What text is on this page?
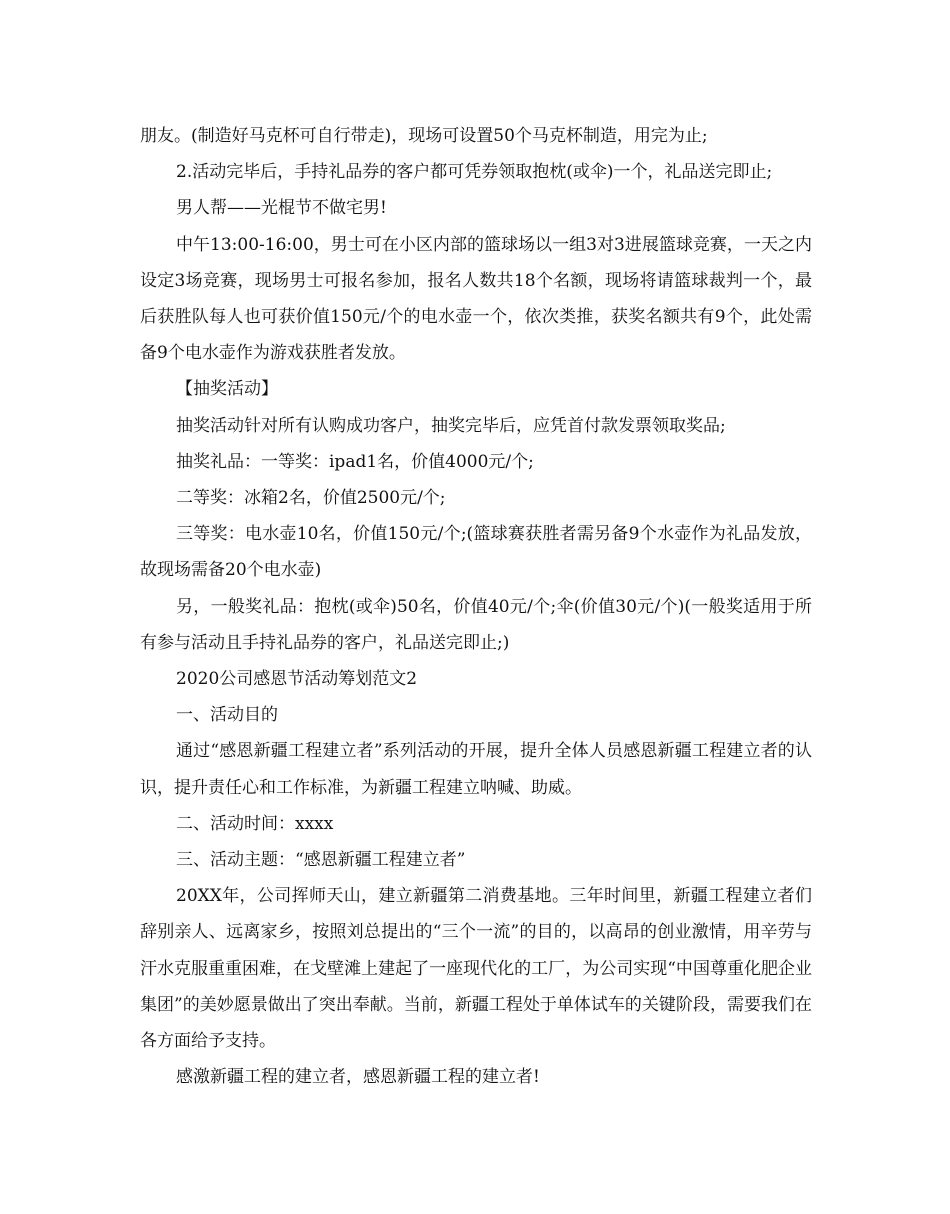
朋友。(制造好马克杯可自行带走)，现场可设置50个马克杯制造，用完为止;

2.活动完毕后，手持礼品券的客户都可凭券领取抱枕(或伞)一个，礼品送完即止;

男人帮——光棍节不做宅男!

中午13:00-16:00，男士可在小区内部的篮球场以一组3对3进展篮球竞赛，一天之内设定3场竞赛，现场男士可报名参加，报名人数共18个名额，现场将请篮球裁判一个，最后获胜队每人也可获价值150元/个的电水壶一个，依次类推，获奖名额共有9个，此处需备9个电水壶作为游戏获胜者发放。

【抽奖活动】

抽奖活动针对所有认购成功客户，抽奖完毕后，应凭首付款发票领取奖品;

抽奖礼品：一等奖：ipad1名，价值4000元/个;

二等奖：冰箱2名，价值2500元/个;

三等奖：电水壶10名，价值150元/个;(篮球赛获胜者需另备9个水壶作为礼品发放，故现场需备20个电水壶)

另，一般奖礼品：抱枕(或伞)50名，价值40元/个;伞(价值30元/个)(一般奖适用于所有参与活动且手持礼品券的客户，礼品送完即止;)

2020公司感恩节活动筹划范文2

一、活动目的

通过“感恩新疆工程建立者”系列活动的开展，提升全体人员感恩新疆工程建立者的认识，提升责任心和工作标准，为新疆工程建立呐喊、助威。

二、活动时间：xxxx

三、活动主题：“感恩新疆工程建立者”

20XX年，公司挥师天山，建立新疆第二消费基地。三年时间里，新疆工程建立者们辞别亲人、远离家乡，按照刘总提出的“三个一流”的目的，以高昂的创业激情，用辛劳与汗水克服重重困难，在戈壁滩上建起了一座现代化的工厂，为公司实现“中国尊重化肥企业集团”的美妙愿景做出了突出奉献。当前，新疆工程处于单体试车的关键阶段，需要我们在各方面给予支持。

感激新疆工程的建立者，感恩新疆工程的建立者!
